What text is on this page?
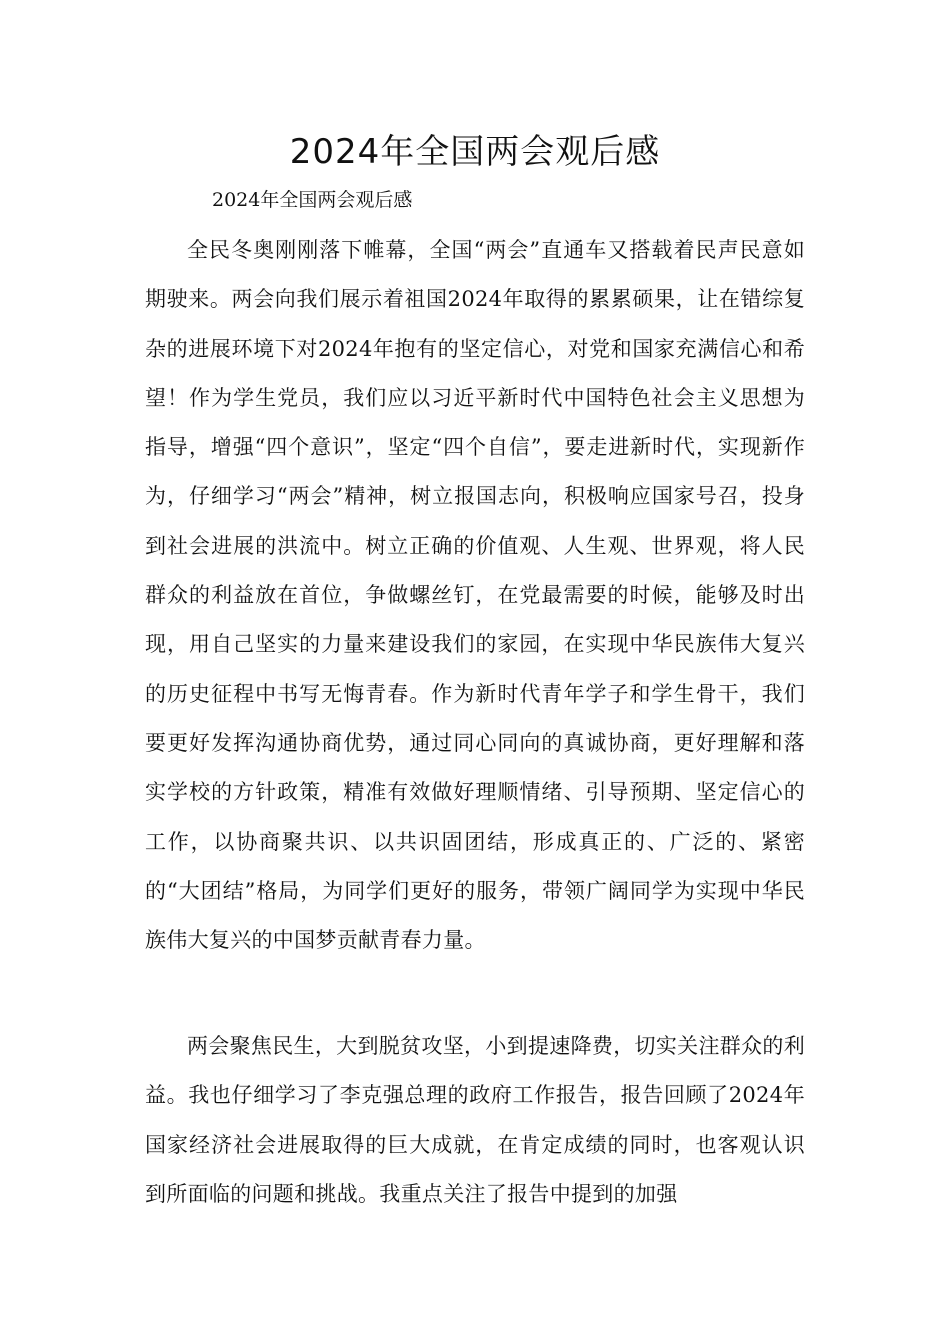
2024年全国两会观后感

2024年全国两会观后感

全民冬奥刚刚落下帷幕，全国“两会”直通车又搭载着民声民意如期驶来。两会向我们展示着祖国2024年取得的累累硕果，让在错综复杂的进展环境下对2024年抱有的坚定信心，对党和国家充满信心和希望！作为学生党员，我们应以习近平新时代中国特色社会主义思想为指导，增强“四个意识”，坚定“四个自信”，要走进新时代，实现新作为，仔细学习“两会”精神，树立报国志向，积极响应国家号召，投身到社会进展的洪流中。树立正确的价值观、人生观、世界观，将人民群众的利益放在首位，争做螺丝钉，在党最需要的时候，能够及时出现，用自己坚实的力量来建设我们的家园，在实现中华民族伟大复兴的历史征程中书写无悔青春。作为新时代青年学子和学生骨干，我们要更好发挥沟通协商优势，通过同心同向的真诚协商，更好理解和落实学校的方针政策，精准有效做好理顺情绪、引导预期、坚定信心的工作，以协商聚共识、以共识固团结，形成真正的、广泛的、紧密的“大团结”格局，为同学们更好的服务，带领广阔同学为实现中华民族伟大复兴的中国梦贡献青春力量。

两会聚焦民生，大到脱贫攻坚，小到提速降费，切实关注群众的利益。我也仔细学习了李克强总理的政府工作报告，报告回顾了2024年国家经济社会进展取得的巨大成就，在肯定成绩的同时，也客观认识到所面临的问题和挑战。我重点关注了报告中提到的加强
